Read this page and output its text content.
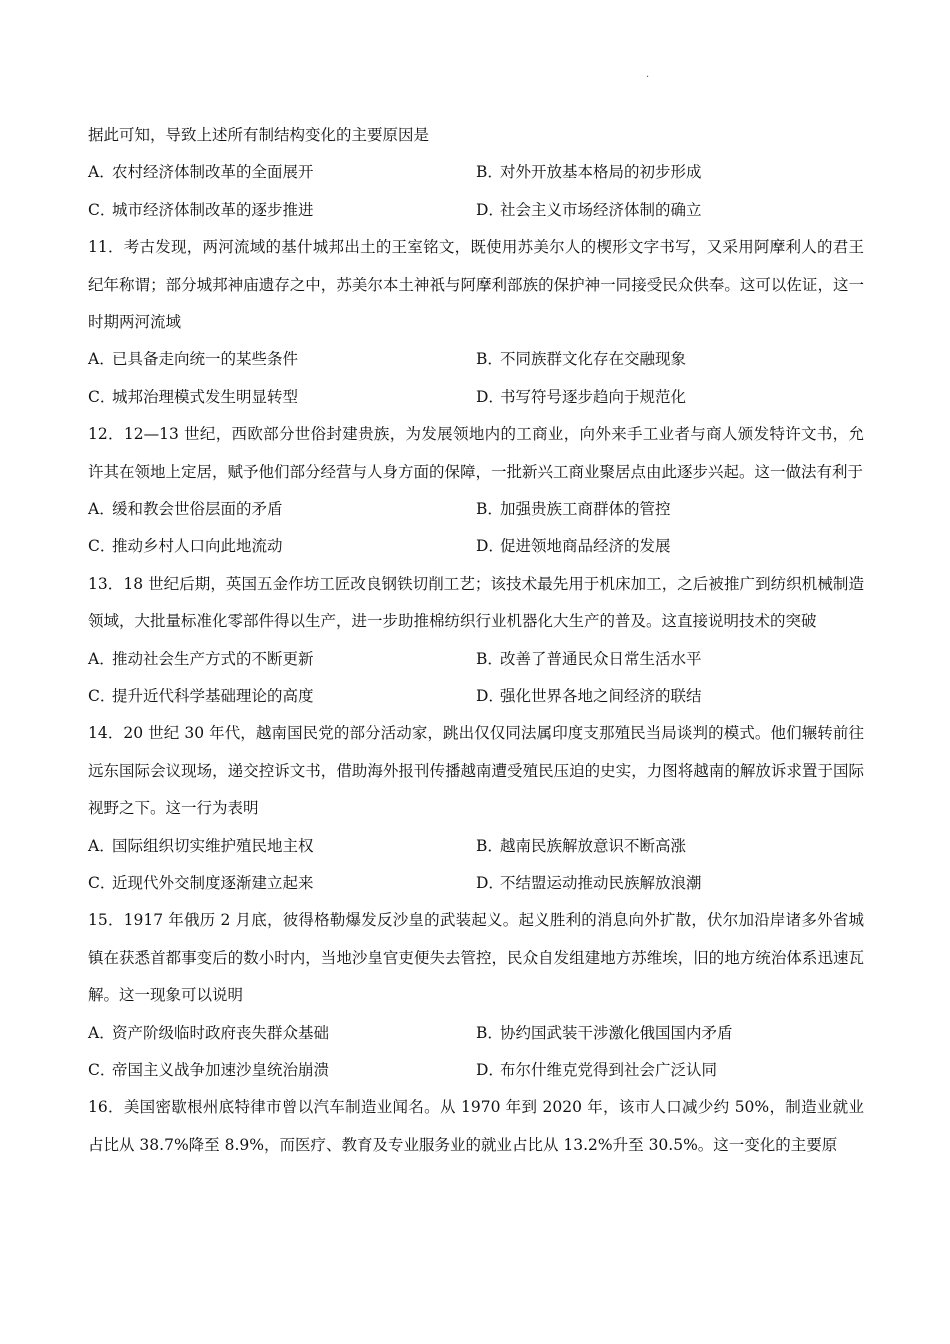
·
据此可知，导致上述所有制结构变化的主要原因是
A．农村经济体制改革的全面展开	B．对外开放基本格局的初步形成
C．城市经济体制改革的逐步推进	D．社会主义市场经济体制的确立
11．考古发现，两河流域的基什城邦出土的王室铭文，既使用苏美尔人的楔形文字书写，又采用阿摩利人的君王纪年称谓；部分城邦神庙遗存之中，苏美尔本土神祇与阿摩利部族的保护神一同接受民众供奉。这可以佐证，这一时期两河流域
A．已具备走向统一的某些条件	B．不同族群文化存在交融现象
C．城邦治理模式发生明显转型	D．书写符号逐步趋向于规范化
12．12—13 世纪，西欧部分世俗封建贵族，为发展领地内的工商业，向外来手工业者与商人颁发特许文书，允许其在领地上定居，赋予他们部分经营与人身方面的保障，一批新兴工商业聚居点由此逐步兴起。这一做法有利于
A．缓和教会世俗层面的矛盾	B．加强贵族工商群体的管控
C．推动乡村人口向此地流动	D．促进领地商品经济的发展
13．18 世纪后期，英国五金作坊工匠改良钢铁切削工艺；该技术最先用于机床加工，之后被推广到纺织机械制造领域，大批量标准化零部件得以生产，进一步助推棉纺织行业机器化大生产的普及。这直接说明技术的突破
A．推动社会生产方式的不断更新	B．改善了普通民众日常生活水平
C．提升近代科学基础理论的高度	D．强化世界各地之间经济的联结
14．20 世纪 30 年代，越南国民党的部分活动家，跳出仅仅同法属印度支那殖民当局谈判的模式。他们辗转前往远东国际会议现场，递交控诉文书，借助海外报刊传播越南遭受殖民压迫的史实，力图将越南的解放诉求置于国际视野之下。这一行为表明
A．国际组织切实维护殖民地主权	B．越南民族解放意识不断高涨
C．近现代外交制度逐渐建立起来	D．不结盟运动推动民族解放浪潮
15．1917 年俄历 2 月底，彼得格勒爆发反沙皇的武装起义。起义胜利的消息向外扩散，伏尔加沿岸诸多外省城镇在获悉首都事变后的数小时内，当地沙皇官吏便失去管控，民众自发组建地方苏维埃，旧的地方统治体系迅速瓦解。这一现象可以说明
A．资产阶级临时政府丧失群众基础	B．协约国武装干涉激化俄国国内矛盾
C．帝国主义战争加速沙皇统治崩溃	D．布尔什维克党得到社会广泛认同
16．美国密歇根州底特律市曾以汽车制造业闻名。从 1970 年到 2020 年，该市人口减少约 50%，制造业就业占比从 38.7%降至 8.9%，而医疗、教育及专业服务业的就业占比从 13.2%升至 30.5%。这一变化的主要原
